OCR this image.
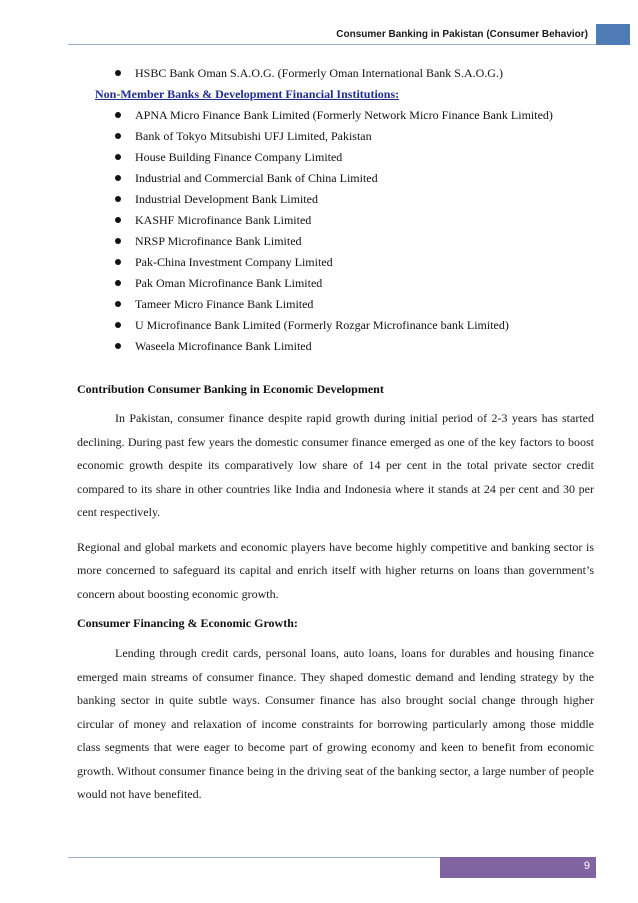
Consumer Banking in Pakistan (Consumer Behavior)
HSBC Bank Oman S.A.O.G. (Formerly Oman International Bank S.A.O.G.)
Non-Member Banks & Development Financial Institutions:
APNA Micro Finance Bank Limited (Formerly Network Micro Finance Bank Limited)
Bank of Tokyo Mitsubishi UFJ Limited, Pakistan
House Building Finance Company Limited
Industrial and Commercial Bank of China Limited
Industrial Development Bank Limited
KASHF Microfinance Bank Limited
NRSP Microfinance Bank Limited
Pak-China Investment Company Limited
Pak Oman Microfinance Bank Limited
Tameer Micro Finance Bank Limited
U Microfinance Bank Limited (Formerly Rozgar Microfinance bank Limited)
Waseela Microfinance Bank Limited
Contribution Consumer Banking in Economic Development

In Pakistan, consumer finance despite rapid growth during initial period of 2-3 years has started declining. During past few years the domestic consumer finance emerged as one of the key factors to boost economic growth despite its comparatively low share of 14 per cent in the total private sector credit compared to its share in other countries like India and Indonesia where it stands at 24 per cent and 30 per cent respectively.

Regional and global markets and economic players have become highly competitive and banking sector is more concerned to safeguard its capital and enrich itself with higher returns on loans than government’s concern about boosting economic growth.

Consumer Financing & Economic Growth:

Lending through credit cards, personal loans, auto loans, loans for durables and housing finance emerged main streams of consumer finance. They shaped domestic demand and lending strategy by the banking sector in quite subtle ways. Consumer finance has also brought social change through higher circular of money and relaxation of income constraints for borrowing particularly among those middle class segments that were eager to become part of growing economy and keen to benefit from economic growth. Without consumer finance being in the driving seat of the banking sector, a large number of people would not have benefited.

9
